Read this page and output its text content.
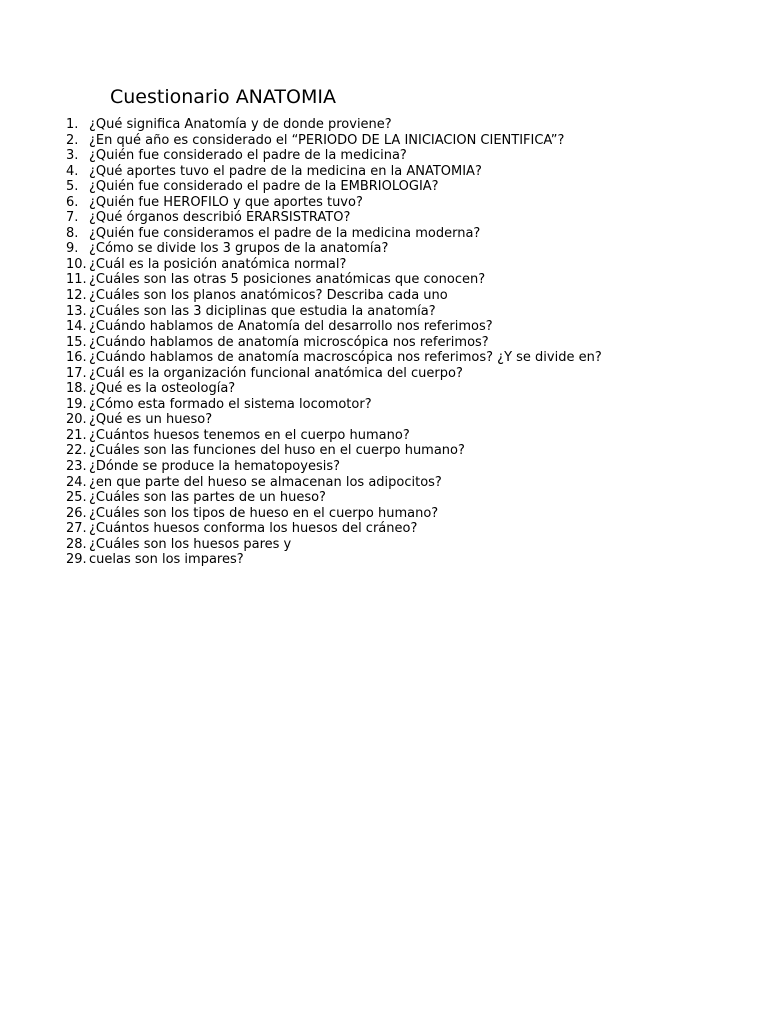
Cuestionario ANATOMIA
1. ¿Qué significa Anatomía y de donde proviene?
2. ¿En qué año es considerado el “PERIODO DE LA INICIACION CIENTIFICA”?
3. ¿Quién fue considerado el padre de la medicina?
4. ¿Qué aportes tuvo el padre de la medicina en la ANATOMIA?
5. ¿Quién fue considerado el padre de la EMBRIOLOGIA?
6. ¿Quién fue HEROFILO y que aportes tuvo?
7. ¿Qué órganos describió ERARSISTRATO?
8. ¿Quién fue consideramos el padre de la medicina moderna?
9. ¿Cómo se divide los 3 grupos de la anatomía?
10. ¿Cuál es la posición anatómica normal?
11. ¿Cuáles son las otras 5 posiciones anatómicas que conocen?
12. ¿Cuáles son los planos anatómicos? Describa cada uno
13. ¿Cuáles son las 3 diciplinas que estudia la anatomía?
14. ¿Cuándo hablamos de Anatomía del desarrollo nos referimos?
15. ¿Cuándo hablamos de anatomía microscópica nos referimos?
16. ¿Cuándo hablamos de anatomía macroscópica nos referimos? ¿Y se divide en?
17. ¿Cuál es la organización funcional anatómica del cuerpo?
18. ¿Qué es la osteología?
19. ¿Cómo esta formado el sistema locomotor?
20. ¿Qué es un hueso?
21. ¿Cuántos huesos tenemos en el cuerpo humano?
22. ¿Cuáles son las funciones del huso en el cuerpo humano?
23. ¿Dónde se produce la hematopoyesis?
24. ¿en que parte del hueso se almacenan los adipocitos?
25. ¿Cuáles son las partes de un hueso?
26. ¿Cuáles son los tipos de hueso en el cuerpo humano?
27. ¿Cuántos huesos conforma los huesos del cráneo?
28. ¿Cuáles son los huesos pares y
29. cuelas son los impares?
